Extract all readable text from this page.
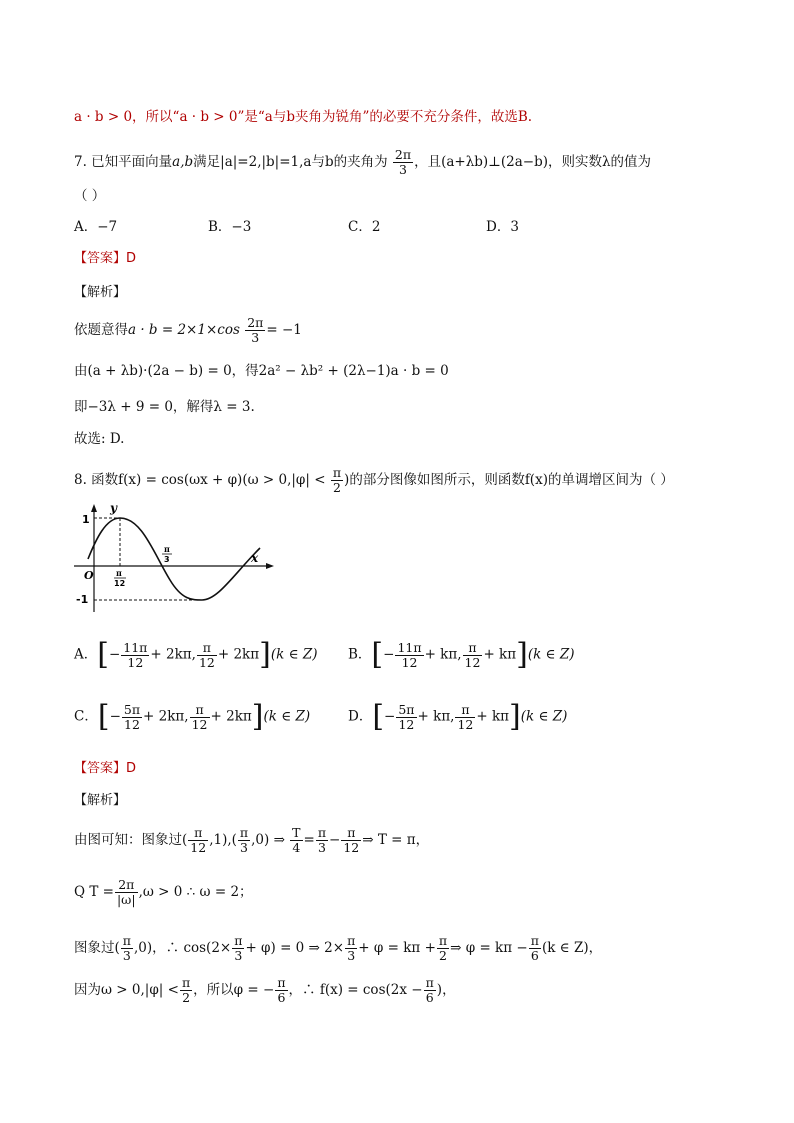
a · b > 0，所以“a · b > 0”是“a与b夹角为锐角”的必要不充分条件，故选B.
7. 已知平面向量a,b满足|a|=2,|b|=1,a与b的夹角为 $\frac{2\pi}{3}$ ，且(a+λb)⊥(2a−b)，则实数λ的值为
（ ）
A．−7	B．−3	C．2	D．3
【答案】D
【解析】
依题意得$a \cdot b = 2\times 1\times\cos \frac{2\pi}{3} = -1$
由(a + λb)·(2a − b) = 0，得2a² − λb² + (2λ−1)a · b = 0
即−3λ + 9 = 0，解得λ = 3.
故选: D.
8. 函数$f(x) = \cos(\omega x + \varphi)(\omega > 0,|\varphi| < \frac{\pi}{2}$ )的部分图像如图所示，则函数f(x)的单调增区间为（ ）
y
x
1
-1
O	π
12
π
3
A．[− $\frac{11\pi}{12} + 2k\pi$, $\frac{\pi}{12} + 2k\pi](k$ ∈ Z) B．[− $\frac{11\pi}{12} + k\pi$, $\frac{\pi}{12} + k\pi](k$ ∈ Z)
C．[− $\frac{5\pi}{12} + 2k\pi$, $\frac{\pi}{12} + 2k\pi](k$ ∈ Z)	D．[− $\frac{5\pi}{12} + k\pi$, $\frac{\pi}{12} + k\pi](k$ ∈ Z)
【答案】D
【解析】
由图可知：图象过( $\frac{\pi}{12} ,1),( \frac{\pi}{3} ,0)$ ⇒ $\frac{T}{4} = \frac{\pi}{3} - \frac{\pi}{12}$ ⇒ T = π，
Q $T = \frac{2\pi}{|\omega|} ,\omega > 0$ ∴ ω = 2；
图象过( $\frac{\pi}{3} ,0$)，∴ $\cos(2\times \frac{\pi}{3} + \varphi) = 0$ ⇒ $2\times \frac{\pi}{3} + \varphi = k\pi + \frac{\pi}{2}$ ⇒ $\varphi = k\pi - \frac{\pi}{6} (k$ ∈ Z)，
因为$\omega > 0,|\varphi| < \frac{\pi}{2}$ ，所以φ = − $\frac{\pi}{6}$ ，∴ $f(x) = \cos(2x - \frac{\pi}{6}$ )，
